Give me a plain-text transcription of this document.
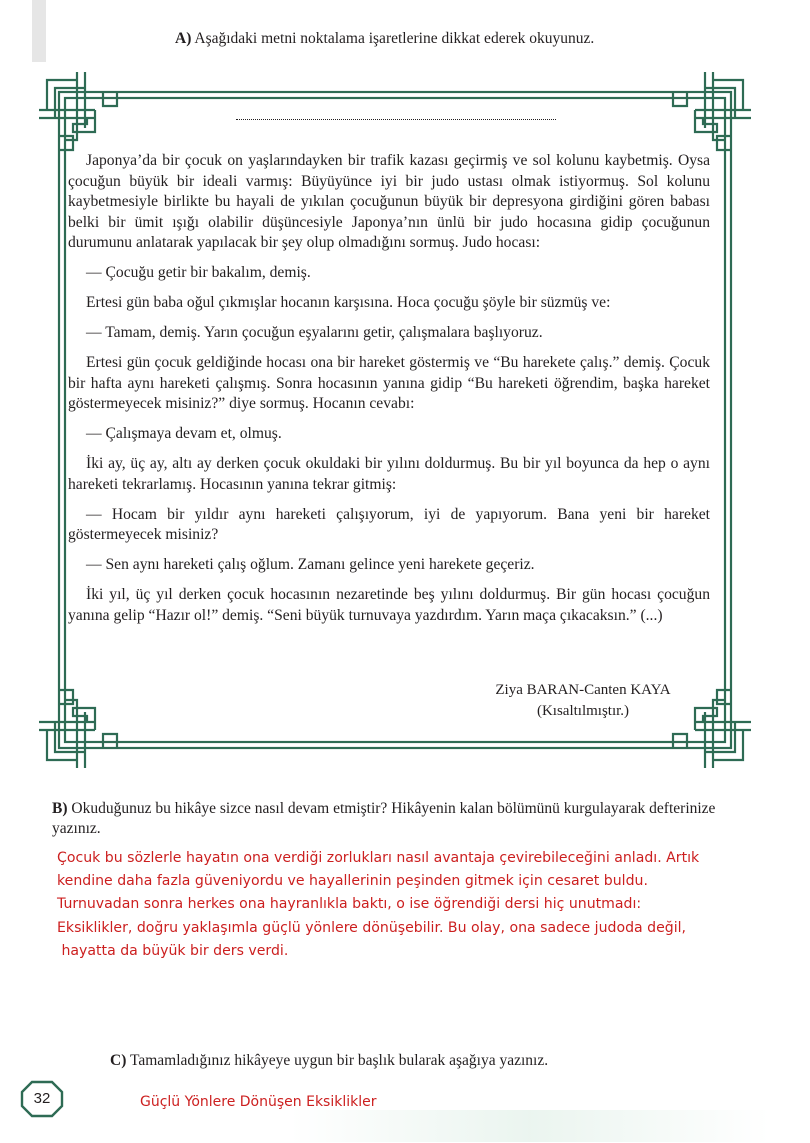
A) Aşağıdaki metni noktalama işaretlerine dikkat ederek okuyunuz.

Japonya’da bir çocuk on yaşlarındayken bir trafik kazası geçirmiş ve sol kolunu kaybetmiş. Oysa çocuğun büyük bir ideali varmış: Büyüyünce iyi bir judo ustası olmak istiyormuş. Sol kolunu kaybetmesiyle birlikte bu hayali de yıkılan çocuğunun büyük bir depresyona girdiğini gören babası belki bir ümit ışığı olabilir düşüncesiyle Japonya’nın ünlü bir judo hocasına gidip çocuğunun durumunu anlatarak yapılacak bir şey olup olmadığını sormuş. Judo hocası:

— Çocuğu getir bir bakalım, demiş.

Ertesi gün baba oğul çıkmışlar hocanın karşısına. Hoca çocuğu şöyle bir süzmüş ve:

— Tamam, demiş. Yarın çocuğun eşyalarını getir, çalışmalara başlıyoruz.

Ertesi gün çocuk geldiğinde hocası ona bir hareket göstermiş ve “Bu harekete çalış.” demiş. Çocuk bir hafta aynı hareketi çalışmış. Sonra hocasının yanına gidip “Bu hareketi öğrendim, başka hareket göstermeyecek misiniz?” diye sormuş. Hocanın cevabı:

— Çalışmaya devam et, olmuş.

İki ay, üç ay, altı ay derken çocuk okuldaki bir yılını doldurmuş. Bu bir yıl boyunca da hep o aynı hareketi tekrarlamış. Hocasının yanına tekrar gitmiş:

— Hocam bir yıldır aynı hareketi çalışıyorum, iyi de yapıyorum. Bana yeni bir hareket göstermeyecek misiniz?

— Sen aynı hareketi çalış oğlum. Zamanı gelince yeni harekete geçeriz.

İki yıl, üç yıl derken çocuk hocasının nezaretinde beş yılını doldurmuş. Bir gün hocası çocuğun yanına gelip “Hazır ol!” demiş. “Seni büyük turnuvaya yazdırdım. Yarın maça çıkacaksın.” (...)

Ziya BARAN-Canten KAYA
(Kısaltılmıştır.)
B) Okuduğunuz bu hikâye sizce nasıl devam etmiştir? Hikâyenin kalan bölümünü kurgulayarak defterinize yazınız.
Çocuk bu sözlerle hayatın ona verdiği zorlukları nasıl avantaja çevirebileceğini anladı. Artık
kendine daha fazla güveniyordu ve hayallerinin peşinden gitmek için cesaret buldu.
Turnuvadan sonra herkes ona hayranlıkla baktı, o ise öğrendiği dersi hiç unutmadı:
Eksiklikler, doğru yaklaşımla güçlü yönlere dönüşebilir. Bu olay, ona sadece judoda değil,
hayatta da büyük bir ders verdi.
C) Tamamladığınız hikâyeye uygun bir başlık bularak aşağıya yazınız.
32	Güçlü Yönlere Dönüşen Eksiklikler
